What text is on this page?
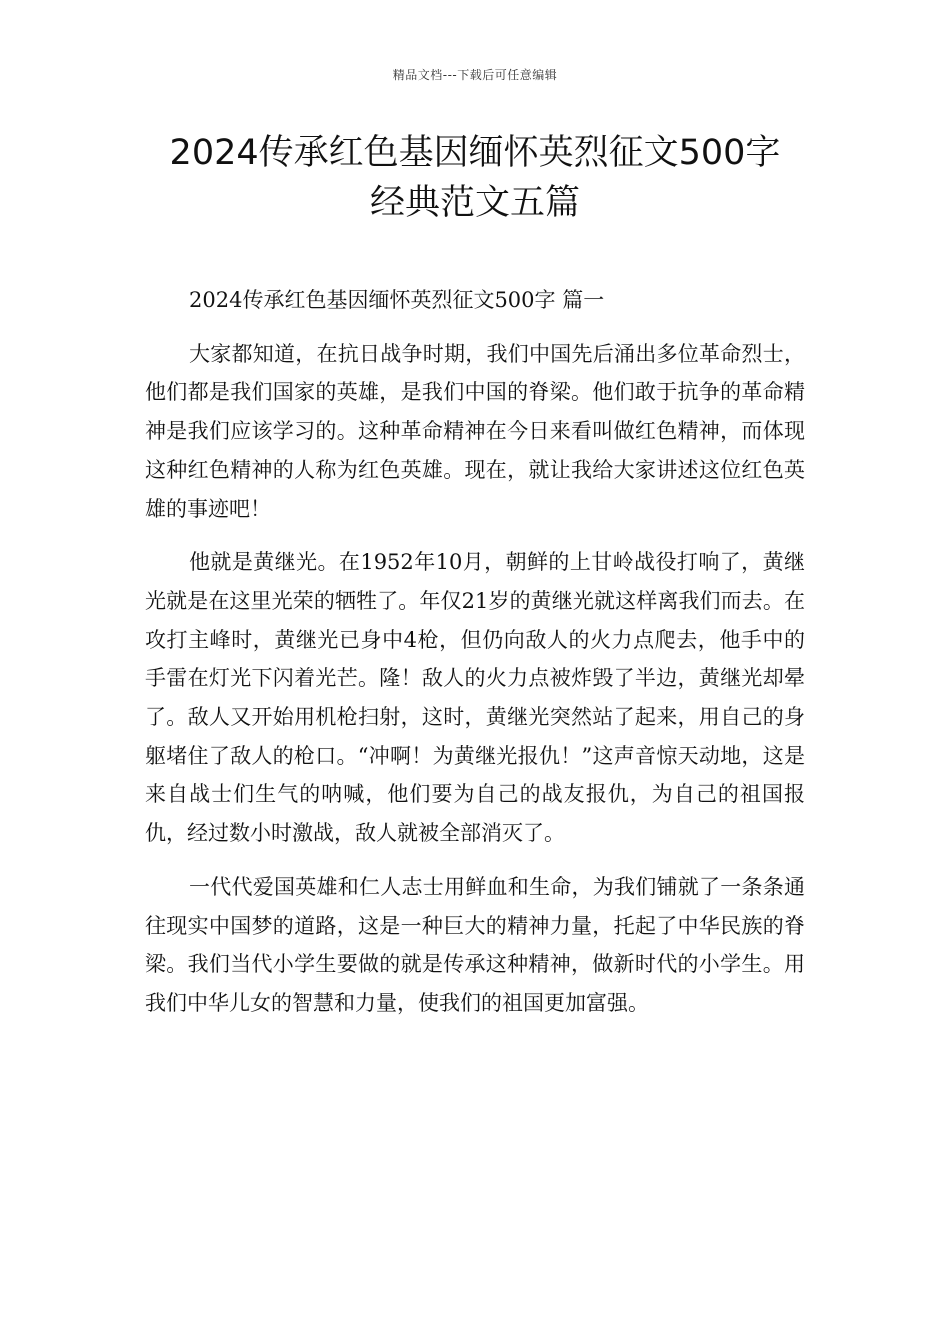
精品文档---下载后可任意编辑
2024传承红色基因缅怀英烈征文500字
经典范文五篇

2024传承红色基因缅怀英烈征文500字 篇一

大家都知道，在抗日战争时期，我们中国先后涌出多位革命烈士，他们都是我们国家的英雄，是我们中国的脊梁。他们敢于抗争的革命精神是我们应该学习的。这种革命精神在今日来看叫做红色精神，而体现这种红色精神的人称为红色英雄。现在，就让我给大家讲述这位红色英雄的事迹吧！

他就是黄继光。在1952年10月，朝鲜的上甘岭战役打响了，黄继光就是在这里光荣的牺牲了。年仅21岁的黄继光就这样离我们而去。在攻打主峰时，黄继光已身中4枪，但仍向敌人的火力点爬去，他手中的手雷在灯光下闪着光芒。隆！敌人的火力点被炸毁了半边，黄继光却晕了。敌人又开始用机枪扫射，这时，黄继光突然站了起来，用自己的身躯堵住了敌人的枪口。“冲啊！为黄继光报仇！”这声音惊天动地，这是来自战士们生气的呐喊，他们要为自己的战友报仇，为自己的祖国报仇，经过数小时激战，敌人就被全部消灭了。

一代代爱国英雄和仁人志士用鲜血和生命，为我们铺就了一条条通往现实中国梦的道路，这是一种巨大的精神力量，托起了中华民族的脊梁。我们当代小学生要做的就是传承这种精神，做新时代的小学生。用我们中华儿女的智慧和力量，使我们的祖国更加富强。
